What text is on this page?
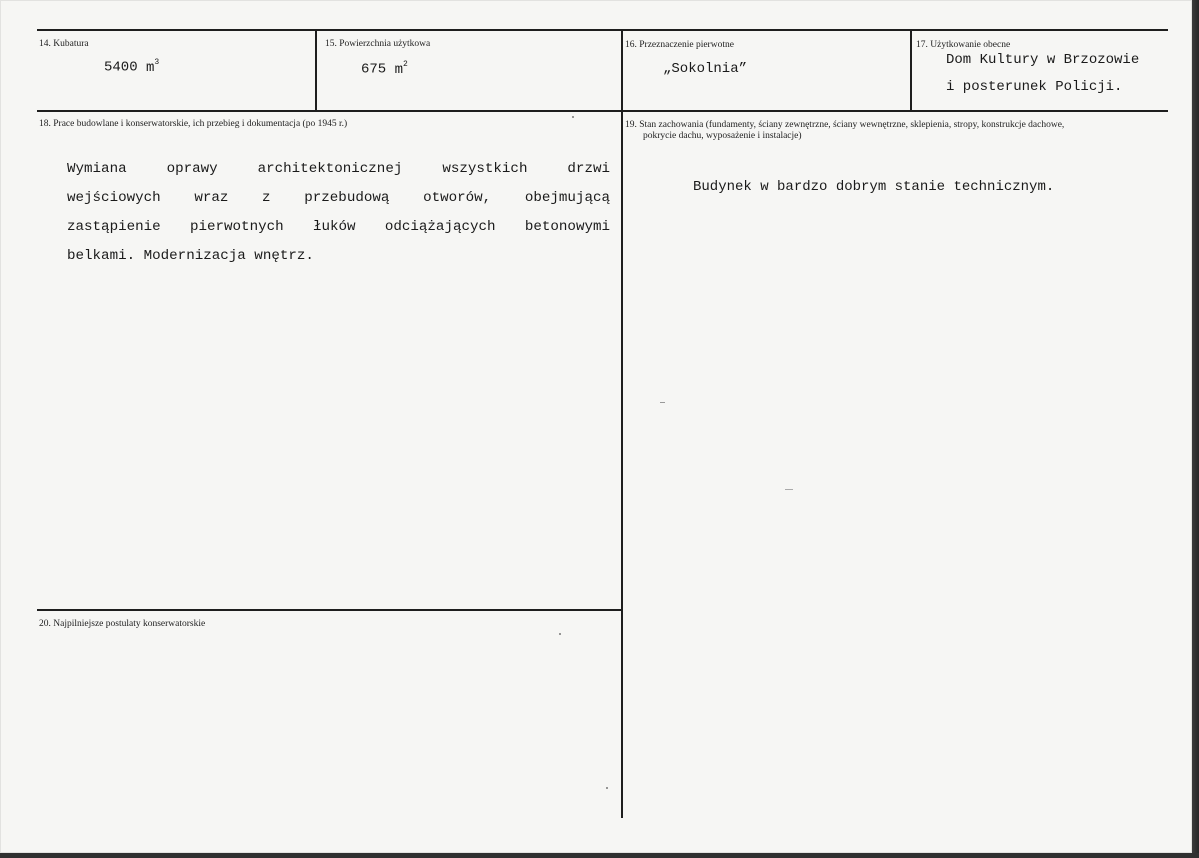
14. Kubatura
5400 $m^3$
15. Powierzchnia użytkowa
675 $m^2$
16. Przeznaczenie pierwotne
„Sokolnia”
17. Użytkowanie obecne
Dom Kultury w Brzozowie
i posterunek Policji.
18. Prace budowlane i konserwatorskie, ich przebieg i dokumentacja (po 1945 r.)
Wymiana oprawy architektonicznej wszystkich drzwi
wejściowych wraz z przebudową otworów, obejmującą
zastąpienie pierwotnych łuków odciążających betonowymi
belkami. Modernizacja wnętrz.
19. Stan zachowania (fundamenty, ściany zewnętrzne, ściany wewnętrzne, sklepienia, stropy, konstrukcje dachowe,
pokrycie dachu, wyposażenie i instalacje)
Budynek w bardzo dobrym stanie technicznym.
20. Najpilniejsze postulaty konserwatorskie
